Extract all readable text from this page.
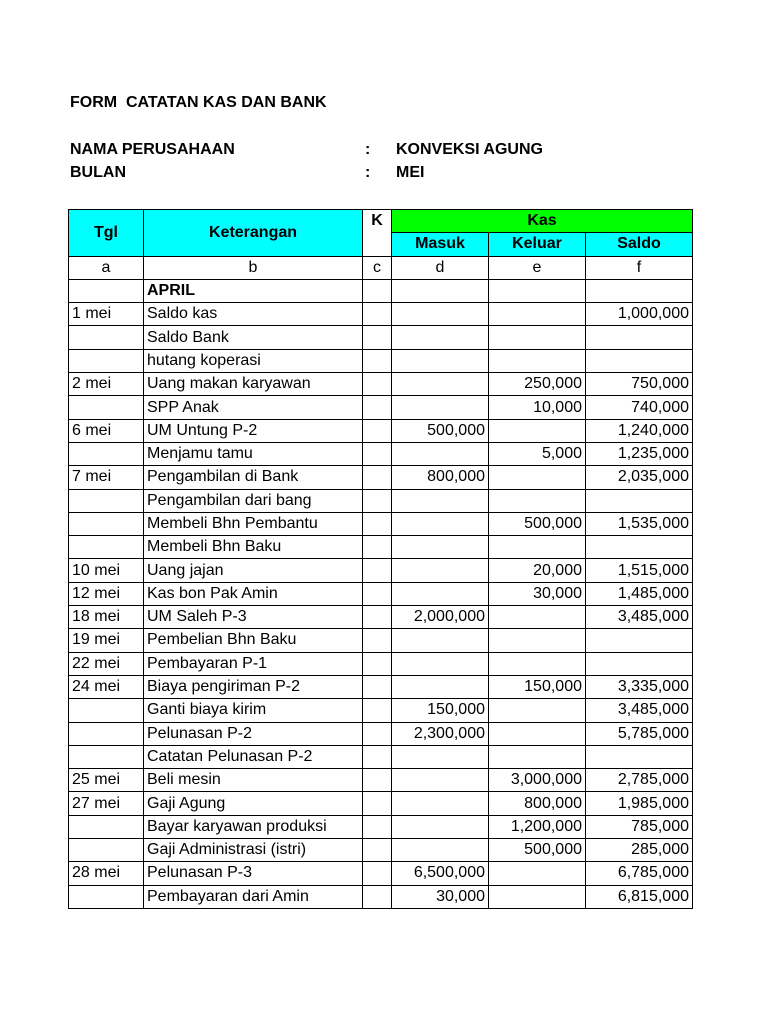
FORM  CATATAN KAS DAN BANK
NAMA PERUSAHAAN	: KONVEKSI AGUNG
BULAN	: MEI
Tgl	Keterangan	K	Kas		
			Masuk	Keluar	Saldo
a	b	c	d	e	f
	APRIL				
1 mei	Saldo kas				1,000,000
	Saldo Bank				
	hutang koperasi				
2 mei	Uang makan karyawan			250,000	750,000
	SPP Anak			10,000	740,000
6 mei	UM Untung P-2		500,000		1,240,000
	Menjamu tamu			5,000	1,235,000
7 mei	Pengambilan di Bank		800,000		2,035,000
	Pengambilan dari bang				
	Membeli Bhn Pembantu			500,000	1,535,000
	Membeli Bhn Baku				
10 mei	Uang jajan			20,000	1,515,000
12 mei	Kas bon Pak Amin			30,000	1,485,000
18 mei	UM Saleh P-3		2,000,000		3,485,000
19 mei	Pembelian Bhn Baku				
22 mei	Pembayaran P-1				
24 mei	Biaya pengiriman P-2			150,000	3,335,000
	Ganti biaya kirim		150,000		3,485,000
	Pelunasan P-2		2,300,000		5,785,000
	Catatan Pelunasan P-2				
25 mei	Beli mesin			3,000,000	2,785,000
27 mei	Gaji Agung			800,000	1,985,000
	Bayar karyawan produksi			1,200,000	785,000
	Gaji Administrasi (istri)			500,000	285,000
28 mei	Pelunasan P-3		6,500,000		6,785,000
	Pembayaran dari Amin		30,000		6,815,000
